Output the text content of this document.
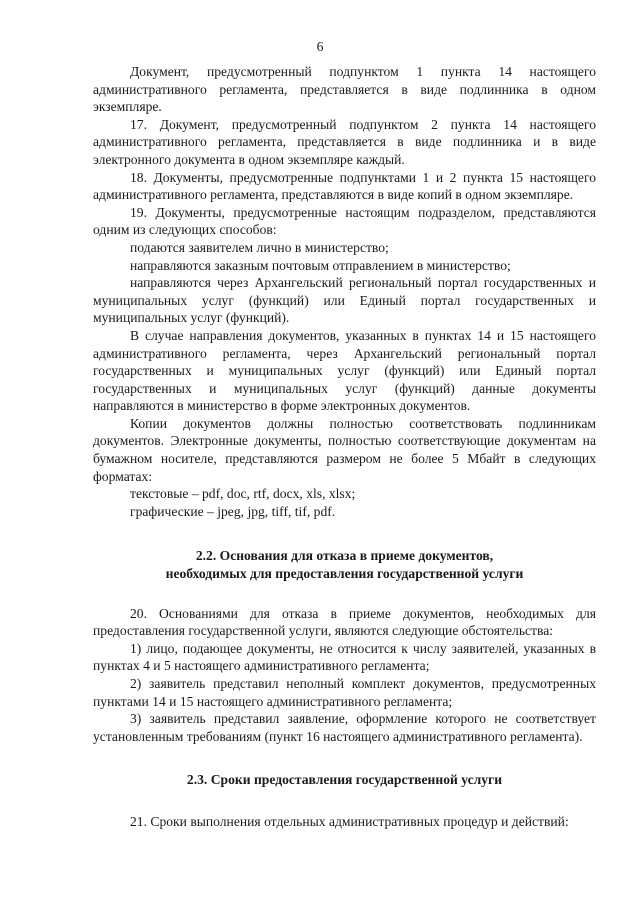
6

Документ, предусмотренный подпунктом 1 пункта 14 настоящего административного регламента, представляется в виде подлинника в одном экземпляре.

17. Документ, предусмотренный подпунктом 2 пункта 14 настоящего административного регламента, представляется в виде подлинника и в виде электронного документа в одном экземпляре каждый.

18. Документы, предусмотренные подпунктами 1 и 2 пункта 15 настоящего административного регламента, представляются в виде копий в одном экземпляре.

19. Документы, предусмотренные настоящим подразделом, представляются одним из следующих способов:

подаются заявителем лично в министерство;

направляются заказным почтовым отправлением в министерство;

направляются через Архангельский региональный портал государственных и муниципальных услуг (функций) или Единый портал государственных и муниципальных услуг (функций).

В случае направления документов, указанных в пунктах 14 и 15 настоящего административного регламента, через Архангельский региональный портал государственных и муниципальных услуг (функций) или Единый портал государственных и муниципальных услуг (функций) данные документы направляются в министерство в форме электронных документов.

Копии документов должны полностью соответствовать подлинникам документов. Электронные документы, полностью соответствующие документам на бумажном носителе, представляются размером не более 5 Мбайт в следующих форматах:

текстовые – pdf, doc, rtf, docx, xls, xlsx;

графические – jpeg, jpg, tiff, tif, pdf.

2.2. Основания для отказа в приеме документов,

необходимых для предоставления государственной услуги

20. Основаниями для отказа в приеме документов, необходимых для предоставления государственной услуги, являются следующие обстоятельства:

1) лицо, подающее документы, не относится к числу заявителей, указанных в пунктах 4 и 5 настоящего административного регламента;

2) заявитель представил неполный комплект документов, предусмотренных пунктами 14 и 15 настоящего административного регламента;

3) заявитель представил заявление, оформление которого не соответствует установленным требованиям (пункт 16 настоящего административного регламента).

2.3. Сроки предоставления государственной услуги

21. Сроки выполнения отдельных административных процедур и действий:
